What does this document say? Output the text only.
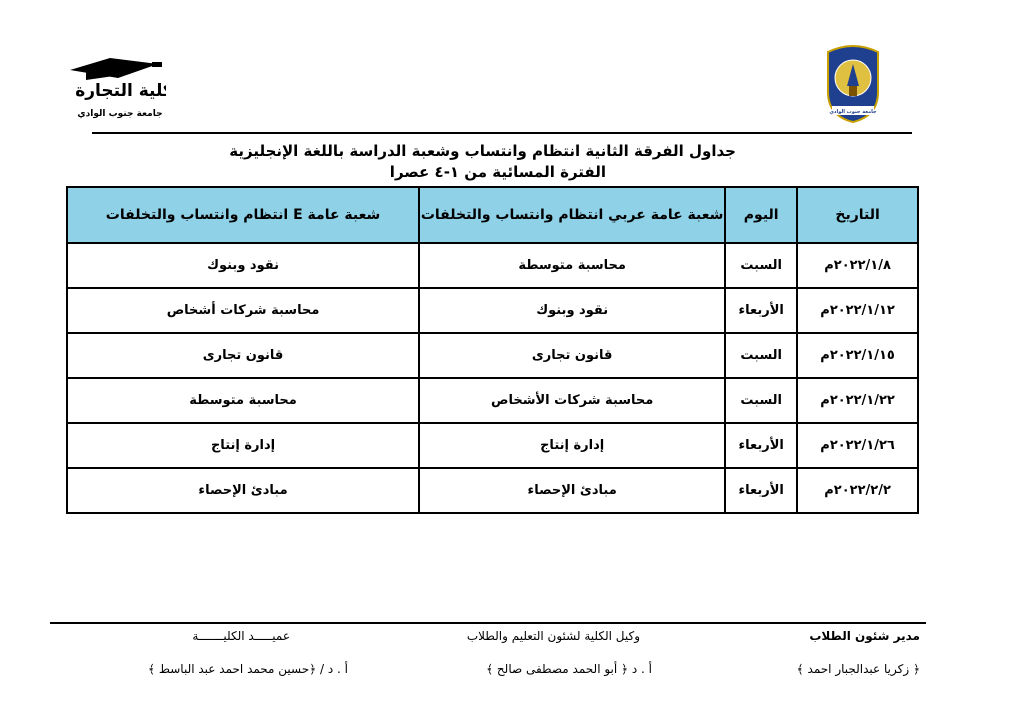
كلية التجارة
جامعة جنوب الوادي	جامعة جنوب الوادي
جداول الفرقة الثانية انتظام وانتساب وشعبة الدراسة باللغة الإنجليزية
الفترة المسائية من ١-٤ عصرا
التاريخ	اليوم	شعبة عامة عربي انتظام وانتساب والتخلفات	شعبة عامة E انتظام وانتساب والتخلفات
٢٠٢٢/١/٨م	السبت	محاسبة متوسطة	نقود وبنوك
٢٠٢٢/١/١٢م	الأربعاء	نقود وبنوك	محاسبة شركات أشخاص
٢٠٢٢/١/١٥م	السبت	قانون تجارى	قانون تجارى
٢٠٢٢/١/٢٢م	السبت	محاسبة شركات الأشخاص	محاسبة متوسطة
٢٠٢٢/١/٢٦م	الأربعاء	إدارة إنتاج	إدارة إنتاج
٢٠٢٢/٢/٢م	الأربعاء	مبادئ الإحصاء	مبادئ الإحصاء
مدير شئون الطلاب
﴿ زكريا عبدالجبار احمد ﴾
وكيل الكلية لشئون التعليم والطلاب
أ . د ﴿ أبو الحمد مصطفى صالح ﴾
عميـــــد الكليـــــــة
أ . د / ﴿حسين محمد احمد عبد الباسط ﴾
